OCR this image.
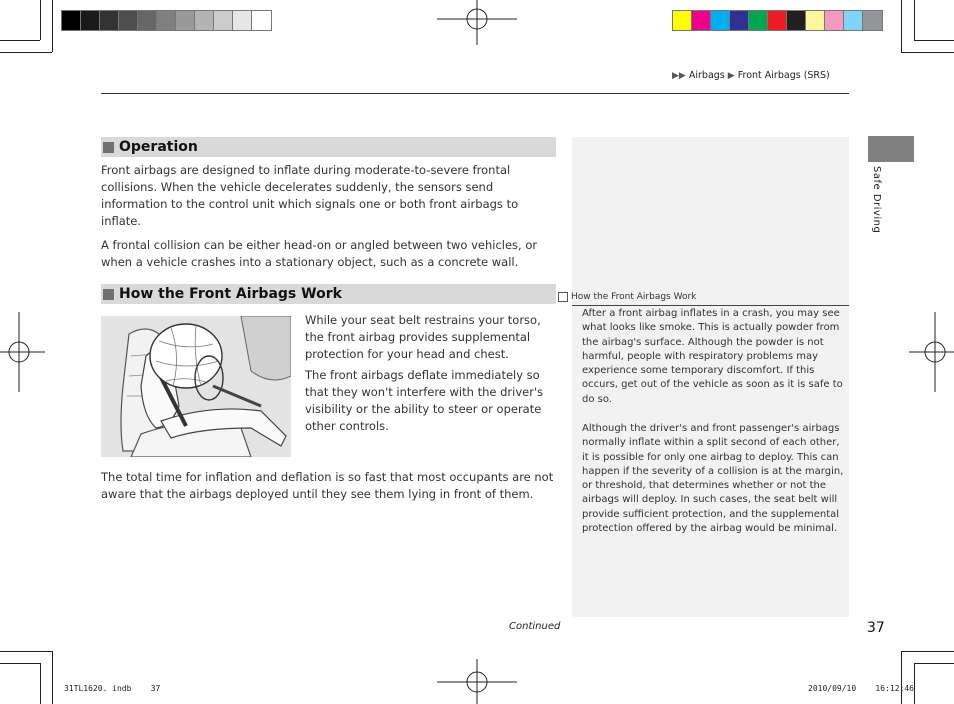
▶▶ Airbags ▶ Front Airbags (SRS)
Operation
Front airbags are designed to inflate during moderate-to-severe frontal collisions. When the vehicle decelerates suddenly, the sensors send information to the control unit which signals one or both front airbags to inflate.
A frontal collision can be either head-on or angled between two vehicles, or when a vehicle crashes into a stationary object, such as a concrete wall.
How the Front Airbags Work
While your seat belt restrains your torso, the front airbag provides supplemental protection for your head and chest.
The front airbags deflate immediately so that they won't interfere with the driver's visibility or the ability to steer or operate other controls.
The total time for inflation and deflation is so fast that most occupants are not aware that the airbags deployed until they see them lying in front of them.
How the Front Airbags Work
After a front airbag inflates in a crash, you may see what looks like smoke. This is actually powder from the airbag's surface. Although the powder is not harmful, people with respiratory problems may experience some temporary discomfort. If this occurs, get out of the vehicle as soon as it is safe to do so.
Although the driver's and front passenger's airbags normally inflate within a split second of each other, it is possible for only one airbag to deploy. This can happen if the severity of a collision is at the margin, or threshold, that determines whether or not the airbags will deploy. In such cases, the seat belt will provide sufficient protection, and the supplemental protection offered by the airbag would be minimal.
Safe Driving
Continued	37
31TL1620. indb    37	2010/09/10    16:12:46
